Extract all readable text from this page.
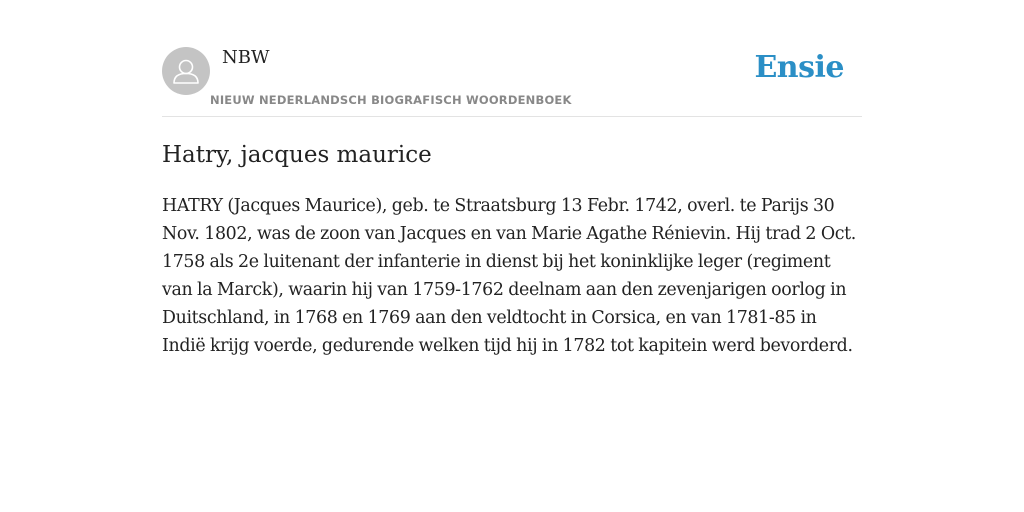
NBW
NIEUW NEDERLANDSCH BIOGRAFISCH WOORDENBOEK
Ensie
Hatry, jacques maurice

HATRY (Jacques Maurice), geb. te Straatsburg 13 Febr. 1742, overl. te Parijs 30 Nov. 1802, was de zoon van Jacques en van Marie Agathe Rénievin. Hij trad 2 Oct. 1758 als 2e luitenant der infanterie in dienst bij het koninklijke leger (regiment van la Marck), waarin hij van 1759-1762 deelnam aan den zevenjarigen oorlog in Duitschland, in 1768 en 1769 aan den veldtocht in Corsica, en van 1781-85 in Indië krijg voerde, gedurende welken tijd hij in 1782 tot kapitein werd bevorderd.
